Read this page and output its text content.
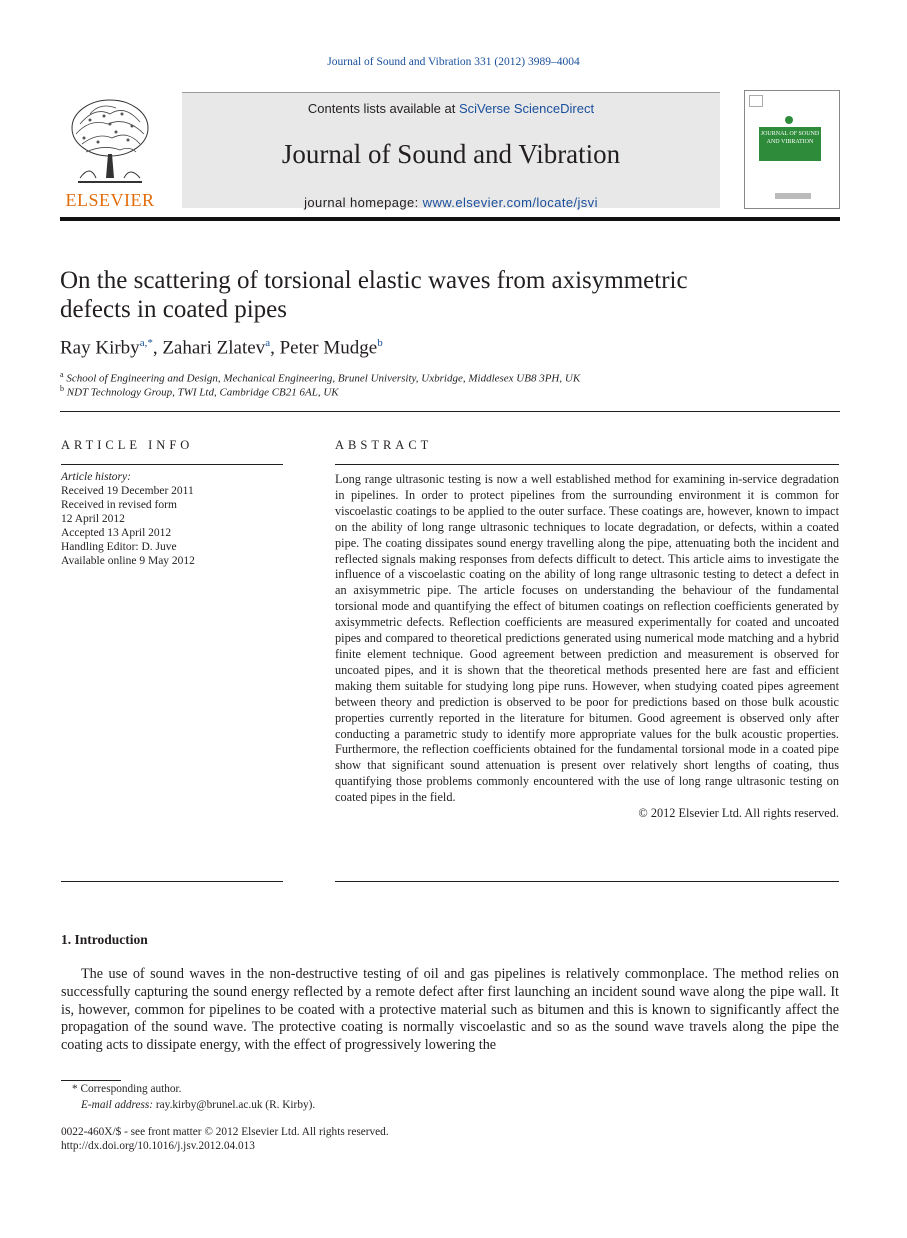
Journal of Sound and Vibration 331 (2012) 3989–4004
ELSEVIER
Contents lists available at SciVerse ScienceDirect
Journal of Sound and Vibration
journal homepage: www.elsevier.com/locate/jsvi
JOURNAL OF SOUND AND VIBRATION
On the scattering of torsional elastic waves from axisymmetric
defects in coated pipes
Ray Kirby$^{a,*}$, Zahari Zlatev$^a$, Peter Mudge$^b$
$^a$ School of Engineering and Design, Mechanical Engineering, Brunel University, Uxbridge, Middlesex UB8 3PH, UK
$^b$ NDT Technology Group, TWI Ltd, Cambridge CB21 6AL, UK
ARTICLE INFO
Article history:
Received 19 December 2011
Received in revised form
12 April 2012
Accepted 13 April 2012
Handling Editor: D. Juve
Available online 9 May 2012
ABSTRACT
Long range ultrasonic testing is now a well established method for examining in-service degradation in pipelines. In order to protect pipelines from the surrounding environment it is common for viscoelastic coatings to be applied to the outer surface. These coatings are, however, known to impact on the ability of long range ultrasonic techniques to locate degradation, or defects, within a coated pipe. The coating dissipates sound energy travelling along the pipe, attenuating both the incident and reflected signals making responses from defects difficult to detect. This article aims to investigate the influence of a viscoelastic coating on the ability of long range ultrasonic testing to detect a defect in an axisymmetric pipe. The article focuses on understanding the behaviour of the fundamental torsional mode and quantifying the effect of bitumen coatings on reflection coefficients generated by axisymmetric defects. Reflection coefficients are measured experimentally for coated and uncoated pipes and compared to theoretical predictions generated using numerical mode matching and a hybrid finite element technique. Good agreement between prediction and measurement is observed for uncoated pipes, and it is shown that the theoretical methods presented here are fast and efficient making them suitable for studying long pipe runs. However, when studying coated pipes agreement between theory and prediction is observed to be poor for predictions based on those bulk acoustic properties currently reported in the literature for bitumen. Good agreement is observed only after conducting a parametric study to identify more appropriate values for the bulk acoustic properties. Furthermore, the reflection coefficients obtained for the fundamental torsional mode in a coated pipe show that significant sound attenuation is present over relatively short lengths of coating, thus quantifying those problems commonly encountered with the use of long range ultrasonic testing on coated pipes in the field.
© 2012 Elsevier Ltd. All rights reserved.
1. Introduction
The use of sound waves in the non-destructive testing of oil and gas pipelines is relatively commonplace. The method relies on successfully capturing the sound energy reflected by a remote defect after first launching an incident sound wave along the pipe wall. It is, however, common for pipelines to be coated with a protective material such as bitumen and this is known to significantly affect the propagation of the sound wave. The protective coating is normally viscoelastic and so as the sound wave travels along the pipe the coating acts to dissipate energy, with the effect of progressively lowering the
* Corresponding author.
E-mail address: ray.kirby@brunel.ac.uk (R. Kirby).
0022-460X/$ - see front matter © 2012 Elsevier Ltd. All rights reserved.
http://dx.doi.org/10.1016/j.jsv.2012.04.013
